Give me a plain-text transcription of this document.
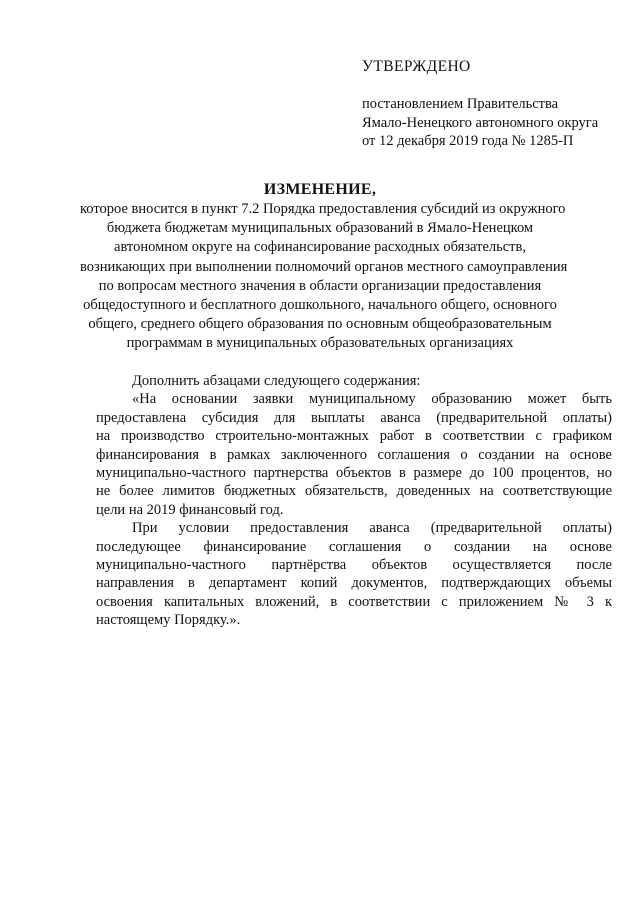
УТВЕРЖДЕНО
постановлением Правительства
Ямало-Ненецкого автономного округа
от 12 декабря 2019 года № 1285-П
ИЗМЕНЕНИЕ,
которое вносится в пункт 7.2 Порядка предоставления субсидий из окружного
бюджета бюджетам муниципальных образований в Ямало-Ненецком
автономном округе на софинансирование расходных обязательств,
возникающих при выполнении полномочий органов местного самоуправления
по вопросам местного значения в области организации предоставления
общедоступного и бесплатного дошкольного, начального общего, основного
общего, среднего общего образования по основным общеобразовательным
программам в муниципальных образовательных организациях
Дополнить абзацами следующего содержания:
«На основании заявки муниципальному образованию может быть
предоставлена субсидия для выплаты аванса (предварительной оплаты)
на производство строительно-монтажных работ в соответствии с графиком
финансирования в рамках заключенного соглашения о создании на основе
муниципально-частного партнерства объектов в размере до 100 процентов, но
не более лимитов бюджетных обязательств, доведенных на соответствующие
цели на 2019 финансовый год.
При условии предоставления аванса (предварительной оплаты)
последующее финансирование соглашения о создании на основе
муниципально-частного партнёрства объектов осуществляется после
направления в департамент копий документов, подтверждающих объемы
освоения капитальных вложений, в соответствии с приложением № 3 к
настоящему Порядку.».
